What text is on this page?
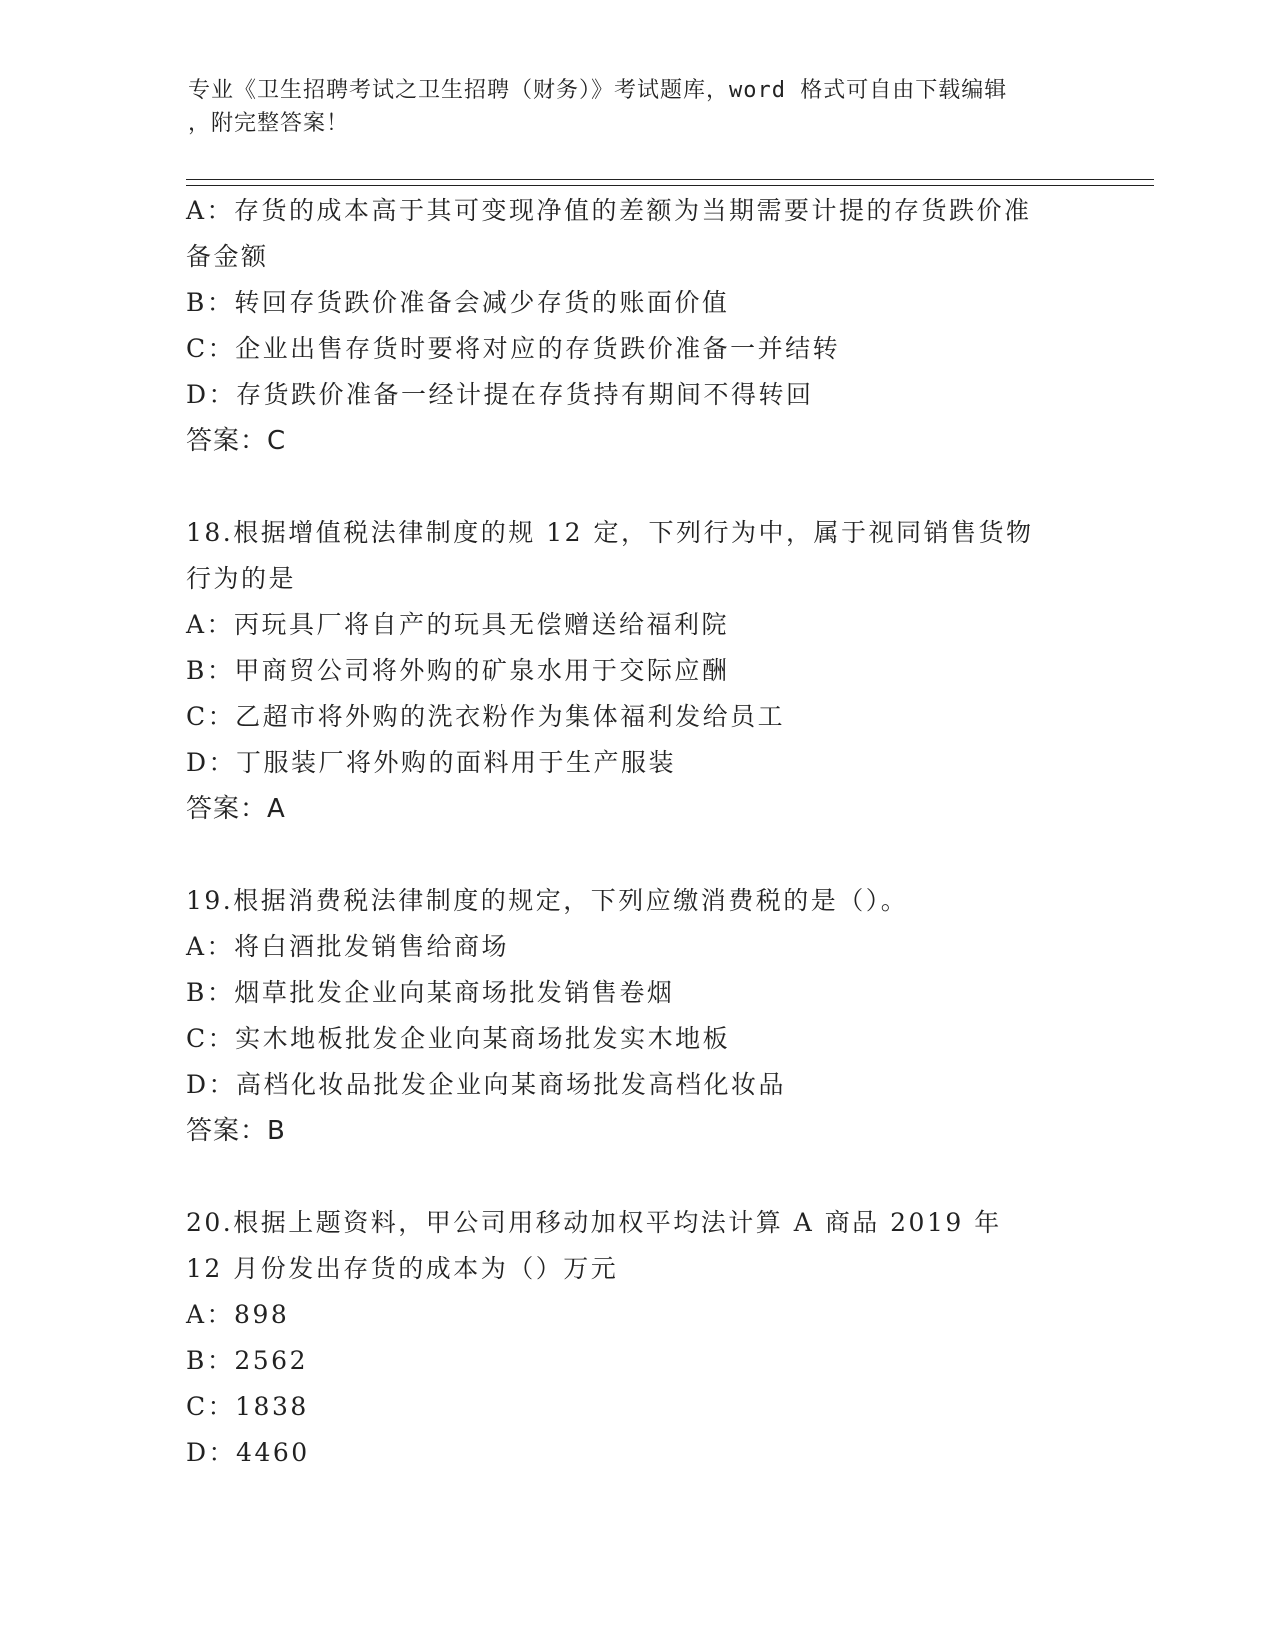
专业《卫生招聘考试之卫生招聘（财务）》考试题库，word 格式可自由下载编辑
，附完整答案！
A：存货的成本高于其可变现净值的差额为当期需要计提的存货跌价准备金额
B：转回存货跌价准备会减少存货的账面价值
C：企业出售存货时要将对应的存货跌价准备一并结转
D：存货跌价准备一经计提在存货持有期间不得转回
答案：C
18.根据增值税法律制度的规 12 定，下列行为中，属于视同销售货物行为的是
A：丙玩具厂将自产的玩具无偿赠送给福利院
B：甲商贸公司将外购的矿泉水用于交际应酬
C：乙超市将外购的洗衣粉作为集体福利发给员工
D：丁服装厂将外购的面料用于生产服装
答案：A
19.根据消费税法律制度的规定，下列应缴消费税的是（）。
A：将白酒批发销售给商场
B：烟草批发企业向某商场批发销售卷烟
C：实木地板批发企业向某商场批发实木地板
D：高档化妆品批发企业向某商场批发高档化妆品
答案：B
20.根据上题资料，甲公司用移动加权平均法计算 A 商品 2019 年 12 月份发出存货的成本为（）万元
A：898
B：2562
C：1838
D：4460
